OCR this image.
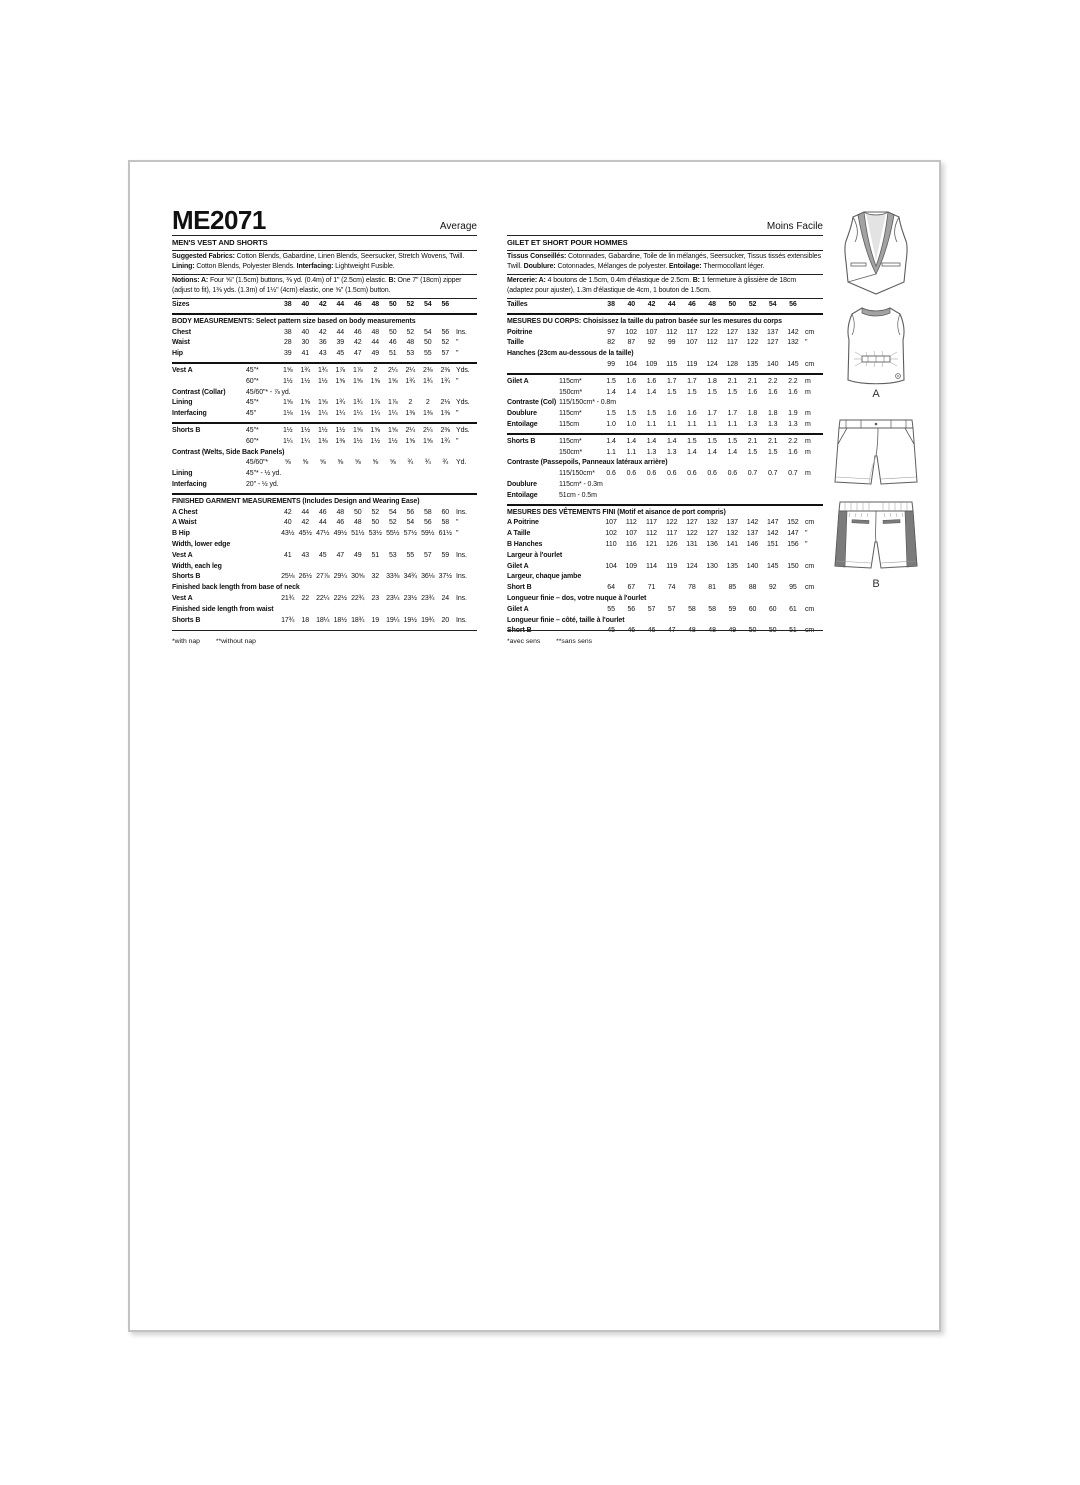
ME2071	Average
MEN'S VEST AND SHORTS

Suggested Fabrics: Cotton Blends, Gabardine, Linen Blends, Seersucker, Stretch Wovens, Twill. Lining: Cotton Blends, Polyester Blends. Interfacing: Lightweight Fusible.

Notions: A: Four ⅝" (1.5cm) buttons, ⅜ yd. (0.4m) of 1" (2.5cm) elastic. B: One 7" (18cm) zipper (adjust to fit), 1⅜ yds. (1.3m) of 1½" (4cm) elastic, one ⅝" (1.5cm) button.

Sizes	38	40	42	44	46	48	50	52	54	56
BODY MEASUREMENTS: Select pattern size based on body measurements
Chest	38	40	42	44	46	48	50	52	54	56 Ins.
Waist	28	30	36	39	42	44	46	48	50	52 "
Hip	39	41	43	45	47	49	51	53	55	57 "
Vest A	45"*	1⅝	1¾	1¾	1⅞	1⅞	2	2¼	2¼	2⅜	2⅜ Yds.
60"*	1½	1½	1½	1⅝	1⅝	1⅝	1⅝	1¾	1¾	1¾ "
Contrast (Collar)	45/60"* - ⅞ yd.
Lining	45"*	1⅝	1⅝	1⅝	1¾	1¾	1⅞	1⅞	2	2	2⅛ Yds.
Interfacing	45"	1⅛	1⅛	1¼	1¼	1¼	1¼	1¼	1⅜	1⅜	1⅜ "
Shorts B	45"*	1½	1½	1½	1½	1⅝	1⅝	1⅝	2¼	2¼	2⅜ Yds.
60"*	1¼	1¼	1⅜	1⅜	1½	1½	1½	1⅝	1⅝	1¾ "
Contrast (Welts, Side Back Panels)
45/60"*	⅝	⅝	⅝	⅝	⅝	⅝	⅝	¾	¾	¾	Yd.
Lining	45"* - ½ yd.
Interfacing	20" - ½ yd.
FINISHED GARMENT MEASUREMENTS (Includes Design and Wearing Ease)
A Chest	42	44	46	48	50	52	54	56	58	60 Ins.
A Waist	40	42	44	46	48	50	52	54	56	58 "
B Hip	43½ 45½ 47½ 49½ 51½ 53½ 55½ 57½ 59½ 61½ "
Width, lower edge
Vest A	41	43	45	47	49	51	53	55	57	59 Ins.
Width, each leg
Shorts B	25⅛ 26½ 27⅞ 29¼ 30⅝	32	33⅜ 34¾ 36⅛ 37½ Ins.
Finished back length from base of neck
Vest A	21¾	22	22¼ 22½ 22¾	23	23¼ 23½ 23¾	24 Ins.
Finished side length from waist
Shorts B	17¾	18	18¼ 18½ 18¾	19	19¼ 19½ 19¾	20 Ins.
Moins Facile
GILET ET SHORT POUR HOMMES

Tissus Conseillés: Cotonnades, Gabardine, Toile de lin mélangés, Seersucker, Tissus tissés extensibles Twill. Doublure: Cotonnades, Mélanges de polyester. Entoilage: Thermocollant léger.

Mercerie: A: 4 boutons de 1.5cm, 0.4m d'élastique de 2.5cm. B: 1 fermeture à glissière de 18cm (adaptez pour ajuster), 1.3m d'élastique de 4cm, 1 bouton de 1.5cm.

Tailles	38	40	42	44	46	48	50	52	54	56
MESURES DU CORPS: Choisissez la taille du patron basée sur les mesures du corps
Poitrine	97	102	107	112	117	122	127	132	137	142 cm
Taille	82	87	92	99	107	112	117	122	127	132 "
Hanches (23cm au-dessous de la taille)
99	104	109	115	119	124	128	135	140	145 cm
Gilet A	115cm*	1.5	1.6	1.6	1.7	1.7	1.8	2.1	2.1	2.2	2.2	m
150cm*	1.4	1.4	1.4	1.5	1.5	1.5	1.5	1.6	1.6	1.6	m
Contraste (Col) 115/150cm* - 0.8m
Doublure	115cm*	1.5	1.5	1.5	1.6	1.6	1.7	1.7	1.8	1.8	1.9	m
Entoilage	115cm	1.0	1.0	1.1	1.1	1.1	1.1	1.1	1.3	1.3	1.3	m
Shorts B	115cm*	1.4	1.4	1.4	1.4	1.5	1.5	1.5	2.1	2.1	2.2	m
150cm*	1.1	1.1	1.3	1.3	1.4	1.4	1.4	1.5	1.5	1.6	m
Contraste (Passepoils, Panneaux latéraux arrière)
115/150cm*	0.6	0.6	0.6	0.6	0.6	0.6	0.6	0.7	0.7	0.7	m
Doublure	115cm* - 0.3m
Entoilage	51cm - 0.5m
MESURES DES VÊTEMENTS FINI (Motif et aisance de port compris)
A Poitrine	107	112	117	122	127	132	137	142	147	152 cm
A Taille	102	107	112	117	122	127	132	137	142	147 "
B Hanches	110	116	121	126	131	136	141	146	151	156 "
Largeur à l'ourlet
Gilet A	104	109	114	119	124	130	135	140	145	150 cm
Largeur, chaque jambe
Short B	64	67	71	74	78	81	85	88	92	95	cm
Longueur finie – dos, votre nuque à l'ourlet
Gilet A	55	56	57	57	58	58	59	60	60	61	cm
Longueur finie – côté, taille à l'ourlet
Short B	45	46	46	47	48	48	49	50	50	51	cm
A
B
*with nap **without nap	*avec sens **sans sens
